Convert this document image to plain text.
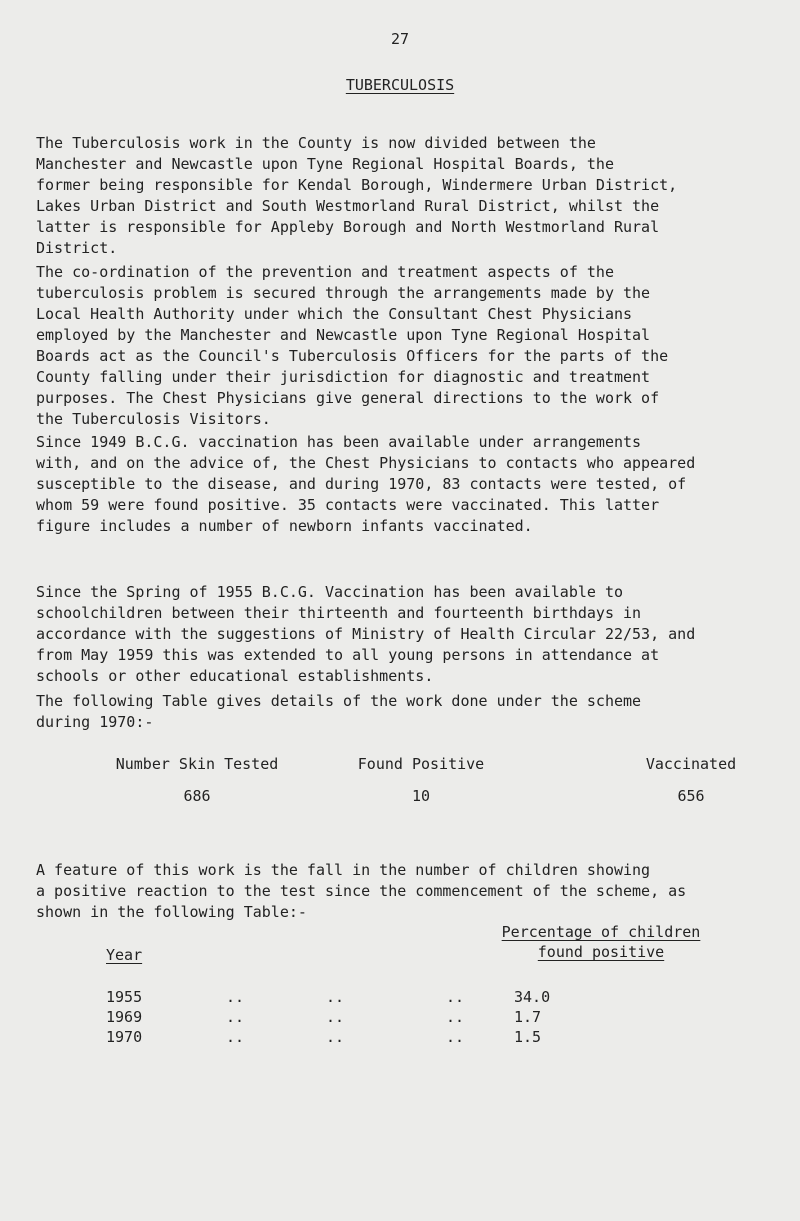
27
TUBERCULOSIS

The Tuberculosis work in the County is now divided between the
Manchester and Newcastle upon Tyne Regional Hospital Boards, the
former being responsible for Kendal Borough, Windermere Urban District,
Lakes Urban District and South Westmorland Rural District, whilst the
latter is responsible for Appleby Borough and North Westmorland Rural
District.

The co-ordination of the prevention and treatment aspects of the
tuberculosis problem is secured through the arrangements made by the
Local Health Authority under which the Consultant Chest Physicians
employed by the Manchester and Newcastle upon Tyne Regional Hospital
Boards act as the Council's Tuberculosis Officers for the parts of the
County falling under their jurisdiction for diagnostic and treatment
purposes. The Chest Physicians give general directions to the work of
the Tuberculosis Visitors.

Since 1949 B.C.G. vaccination has been available under arrangements
with, and on the advice of, the Chest Physicians to contacts who appeared
susceptible to the disease, and during 1970, 83 contacts were tested, of
whom 59 were found positive. 35 contacts were vaccinated. This latter
figure includes a number of newborn infants vaccinated.

Since the Spring of 1955 B.C.G. Vaccination has been available to
schoolchildren between their thirteenth and fourteenth birthdays in
accordance with the suggestions of Ministry of Health Circular 22/53, and
from May 1959 this was extended to all young persons in attendance at
schools or other educational establishments.

The following Table gives details of the work done under the scheme
during 1970:-

Number Skin Tested	Found Positive	Vaccinated
686	10	656

A feature of this work is the fall in the number of children showing
a positive reaction to the test since the commencement of the scheme, as
shown in the following Table:-

Year
Percentage of children
found positive
1955	..	..	..	34.0
1969	..	..	..	1.7
1970	..	..	..	1.5
